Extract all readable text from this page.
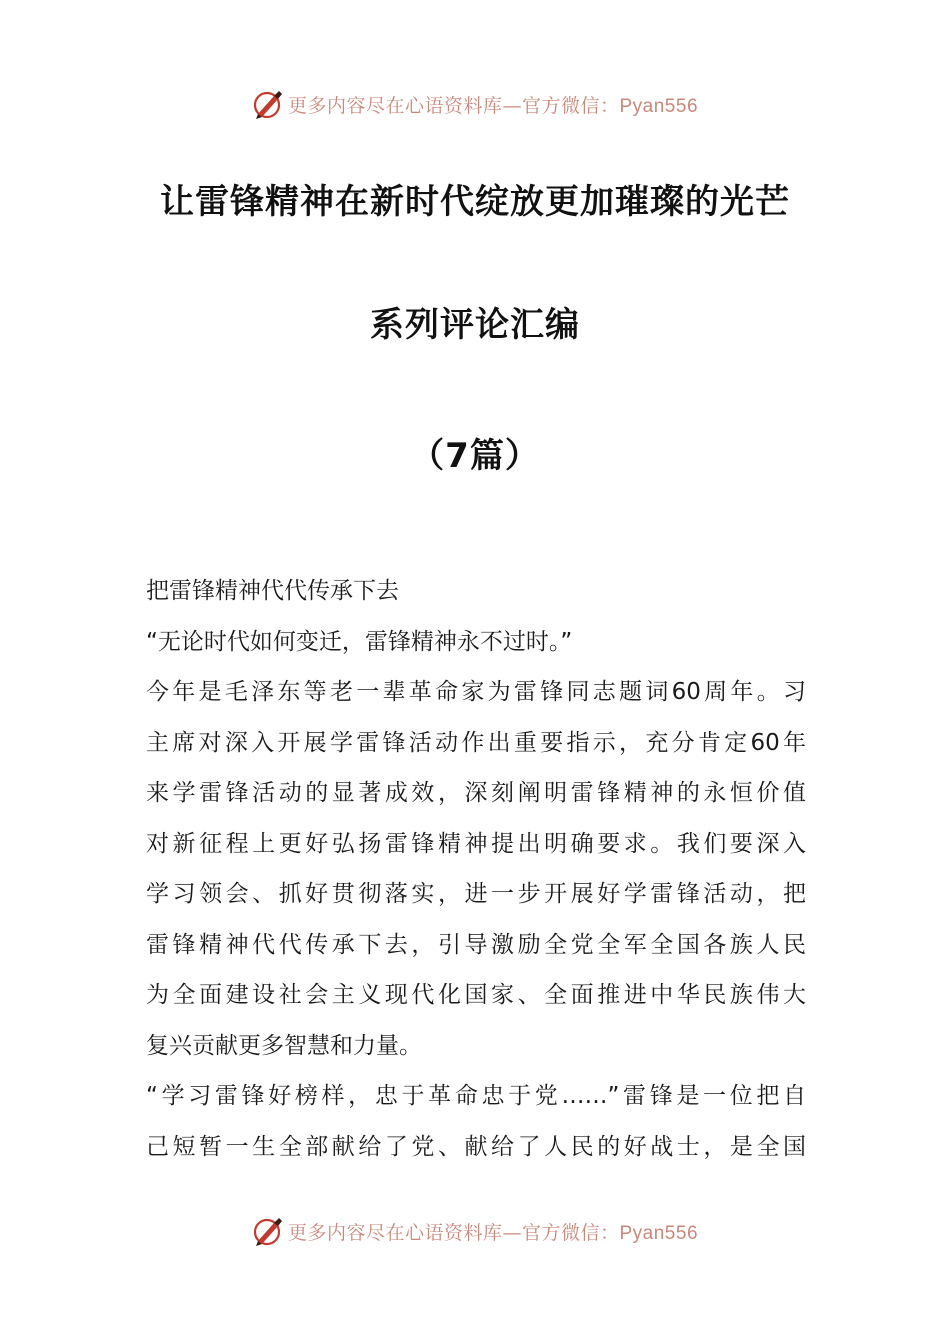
更多内容尽在心语资料库—官方微信：Pyan556
让雷锋精神在新时代绽放更加璀璨的光芒
系列评论汇编
（7篇）
把雷锋精神代代传承下去
“无论时代如何变迁，雷锋精神永不过时。”
今年是毛泽东等老一辈革命家为雷锋同志题词60周年。习
主席对深入开展学雷锋活动作出重要指示，充分肯定60年
来学雷锋活动的显著成效，深刻阐明雷锋精神的永恒价值
对新征程上更好弘扬雷锋精神提出明确要求。我们要深入
学习领会、抓好贯彻落实，进一步开展好学雷锋活动，把
雷锋精神代代传承下去，引导激励全党全军全国各族人民
为全面建设社会主义现代化国家、全面推进中华民族伟大
复兴贡献更多智慧和力量。
“学习雷锋好榜样，忠于革命忠于党……”雷锋是一位把自
己短暂一生全部献给了党、献给了人民的好战士，是全国
更多内容尽在心语资料库—官方微信：Pyan556
